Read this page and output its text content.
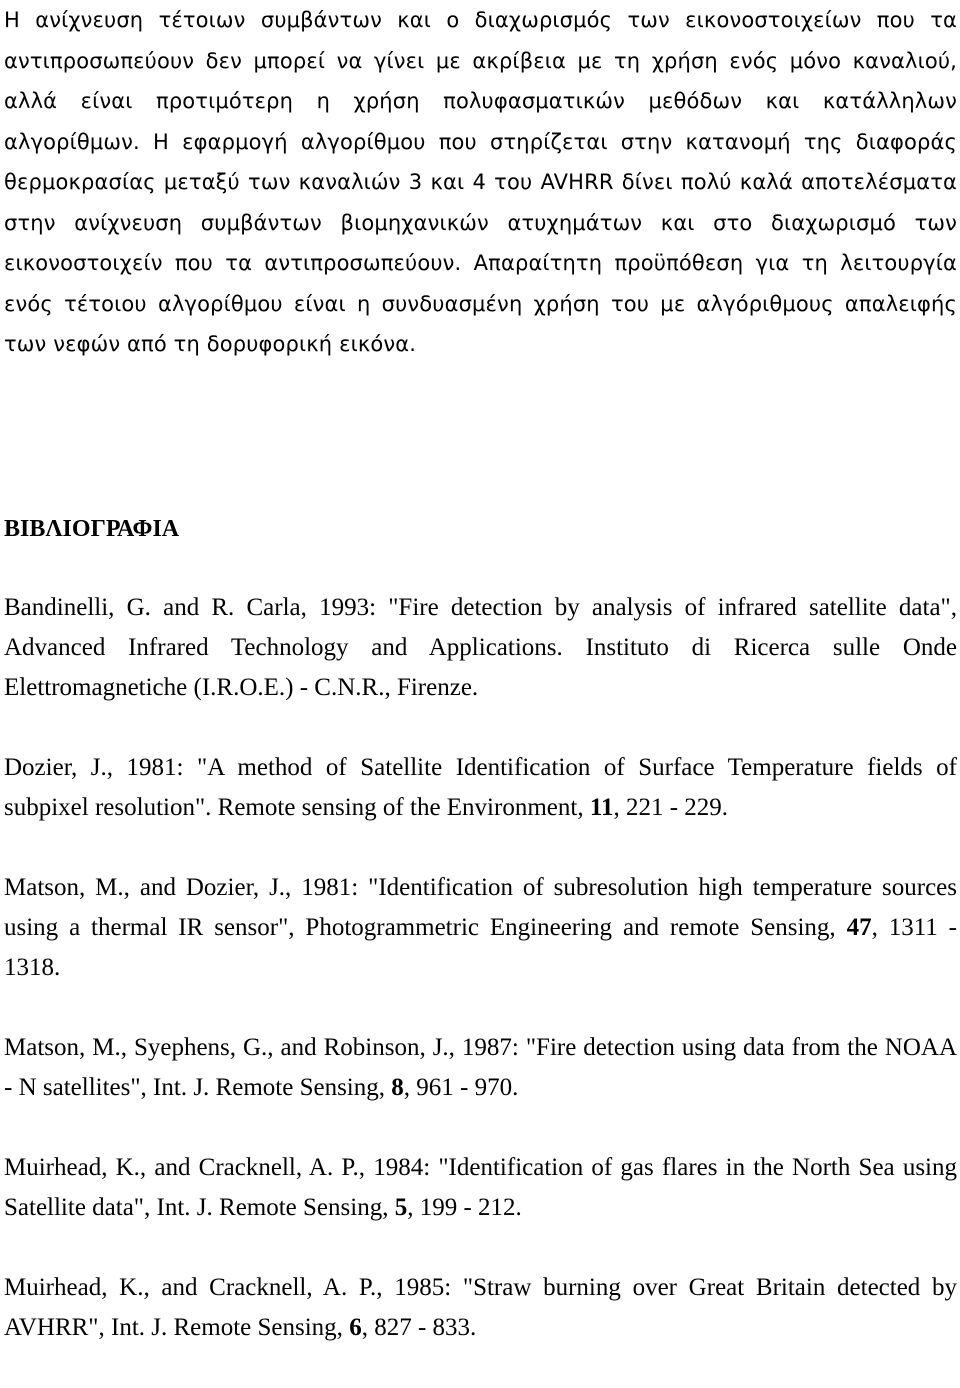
Η ανίχνευση τέτοιων συμβάντων και ο διαχωρισμός των εικονοστοιχείων που τα αντιπροσωπεύουν δεν μπορεί να γίνει με ακρίβεια με τη χρήση ενός μόνο καναλιού, αλλά είναι προτιμότερη η χρήση πολυφασματικών μεθόδων και κατάλληλων αλγορίθμων. Η εφαρμογή αλγορίθμου που στηρίζεται στην κατανομή της διαφοράς θερμοκρασίας μεταξύ των καναλιών 3 και 4 του AVHRR δίνει πολύ καλά αποτελέσματα στην ανίχνευση συμβάντων βιομηχανικών ατυχημάτων και στο διαχωρισμό των εικονοστοιχείν που τα αντιπροσωπεύουν. Απαραίτητη προϋπόθεση για τη λειτουργία ενός τέτοιου αλγορίθμου είναι η συνδυασμένη χρήση του με αλγόριθμους απαλειφής των νεφών από τη δορυφορική εικόνα.

ΒΙΒΛΙΟΓΡΑΦΙΑ

Bandinelli, G. and R. Carla, 1993: "Fire detection by analysis of infrared satellite data", Advanced Infrared Technology and Applications. Instituto di Ricerca sulle Onde Elettromagnetiche (I.R.O.E.) - C.N.R., Firenze.

Dozier, J., 1981: "A method of Satellite Identification of Surface Temperature fields of subpixel resolution". Remote sensing of the Environment, 11, 221 - 229.

Matson, M., and Dozier, J., 1981: "Identification of subresolution high temperature sources using a thermal IR sensor", Photogrammetric Engineering and remote Sensing, 47, 1311 - 1318.

Matson, M., Syephens, G., and Robinson, J., 1987: "Fire detection using data from the NOAA - N satellites", Int. J. Remote Sensing, 8, 961 - 970.

Muirhead, K., and Cracknell, A. P., 1984: "Identification of gas flares in the North Sea using Satellite data", Int. J. Remote Sensing, 5, 199 - 212.

Muirhead, K., and Cracknell, A. P., 1985: "Straw burning over Great Britain detected by AVHRR", Int. J. Remote Sensing, 6, 827 - 833.
